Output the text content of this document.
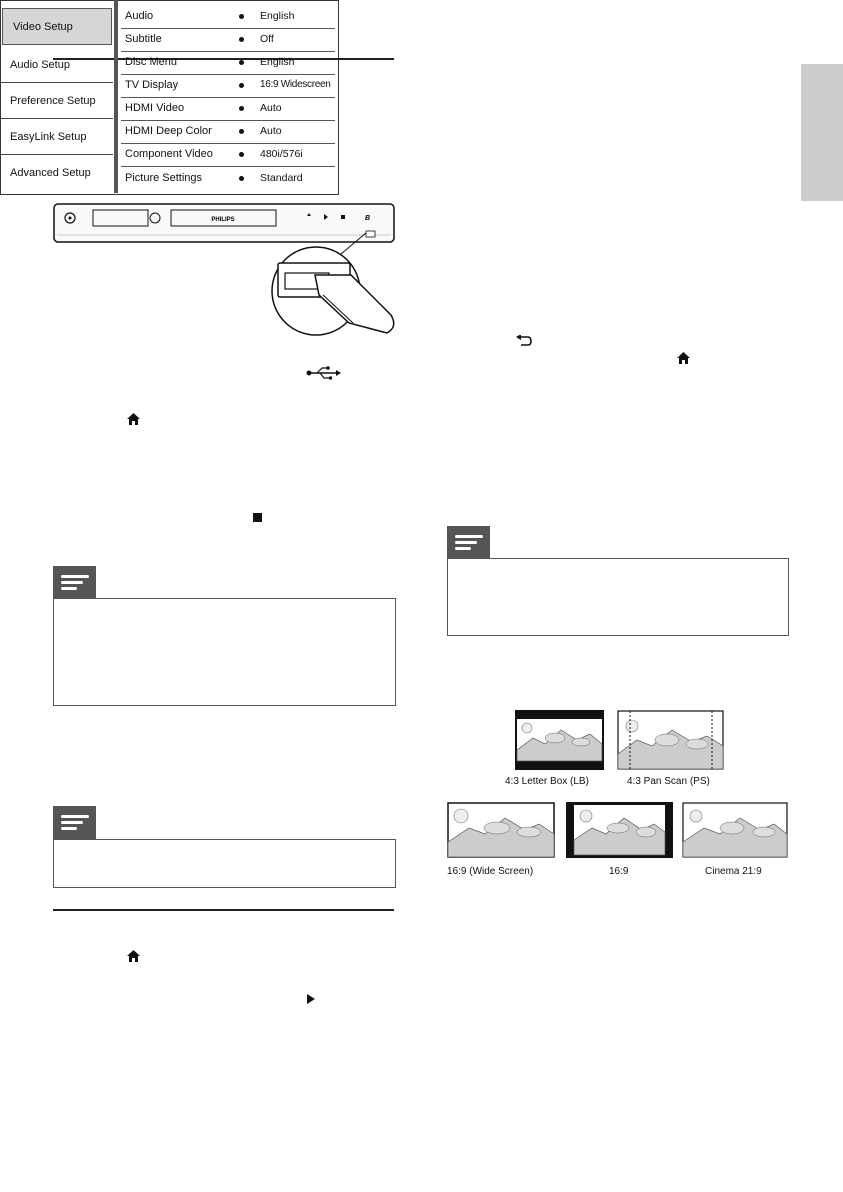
PHILIPS	B
Video Setup
Audio Setup
Preference Setup
EasyLink Setup
Advanced Setup
Audio	English
Subtitle	Off
Disc Menu	English
TV Display	16:9 Widescreen
HDMI Video	Auto
HDMI Deep Color	Auto
Component Video	480i/576i
Picture Settings	Standard
4:3 Letter Box (LB)	4:3 Pan Scan (PS)
16:9 (Wide Screen)	16:9	Cinema 21:9
